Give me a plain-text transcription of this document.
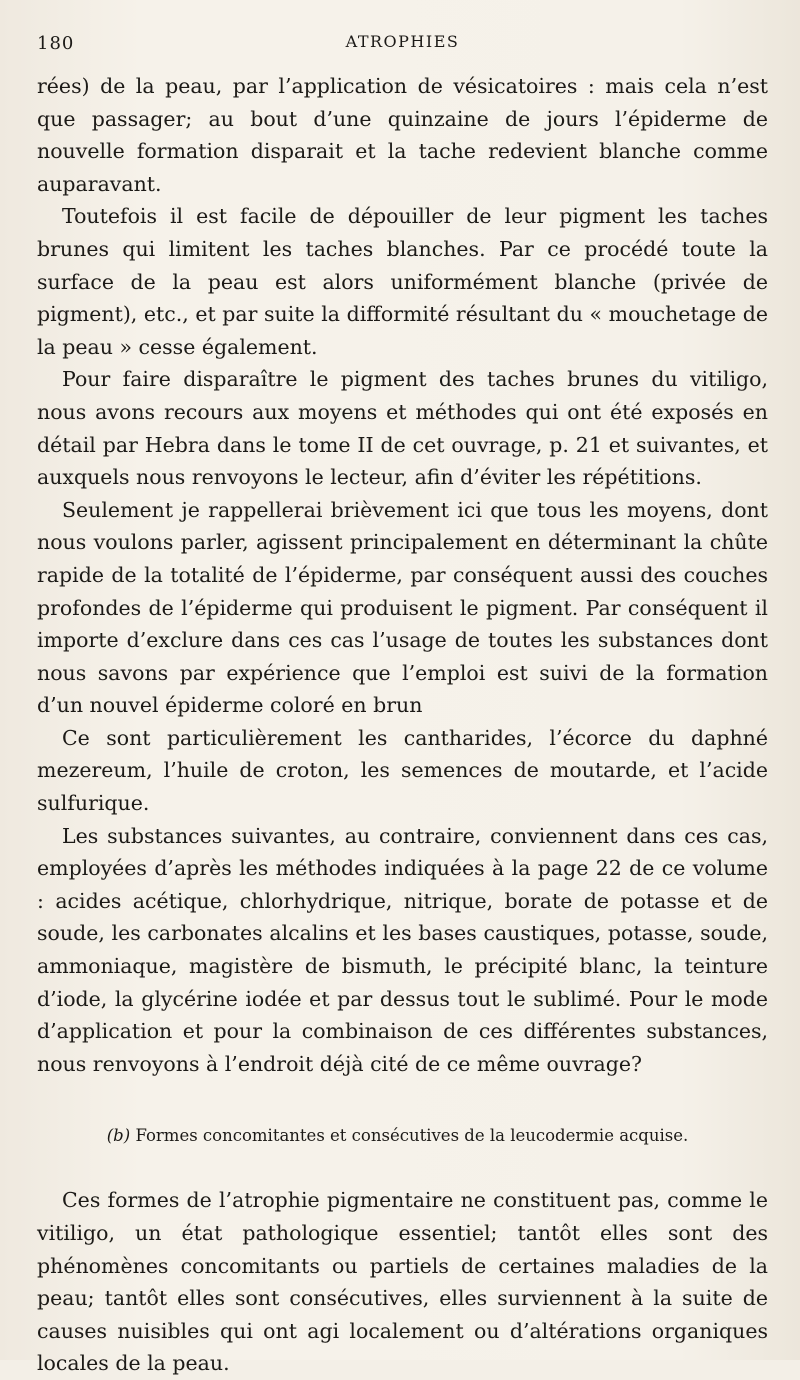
180	ATROPHIES

rées) de la peau, par l’application de vésicatoires : mais cela n’est que passager; au bout d’une quinzaine de jours l’épiderme de nouvelle formation disparait et la tache redevient blanche comme auparavant.

Toutefois il est facile de dépouiller de leur pigment les taches brunes qui limitent les taches blanches. Par ce procédé toute la surface de la peau est alors uniformément blanche (privée de pigment), etc., et par suite la difformité résultant du « mouchetage de la peau » cesse également.

Pour faire disparaître le pigment des taches brunes du vitiligo, nous avons recours aux moyens et méthodes qui ont été exposés en détail par Hebra dans le tome II de cet ouvrage, p. 21 et suivantes, et auxquels nous renvoyons le lecteur, afin d’éviter les répétitions.

Seulement je rappellerai brièvement ici que tous les moyens, dont nous voulons parler, agissent principalement en déterminant la chûte rapide de la totalité de l’épiderme, par conséquent aussi des couches profondes de l’épiderme qui produisent le pigment. Par conséquent il importe d’exclure dans ces cas l’usage de toutes les substances dont nous savons par expérience que l’emploi est suivi de la formation d’un nouvel épiderme coloré en brun

Ce sont particulièrement les cantharides, l’écorce du daphné mezereum, l’huile de croton, les semences de moutarde, et l’acide sulfurique.

Les substances suivantes, au contraire, conviennent dans ces cas, employées d’après les méthodes indiquées à la page 22 de ce volume : acides acétique, chlorhydrique, nitrique, borate de potasse et de soude, les carbonates alcalins et les bases caustiques, potasse, soude, ammoniaque, magistère de bismuth, le précipité blanc, la teinture d’iode, la glycérine iodée et par dessus tout le sublimé. Pour le mode d’application et pour la combinaison de ces différentes substances, nous renvoyons à l’endroit déjà cité de ce même ouvrage?

(b) Formes concomitantes et consécutives de la leucodermie acquise.

Ces formes de l’atrophie pigmentaire ne constituent pas, comme le vitiligo, un état pathologique essentiel; tantôt elles sont des phénomènes concomitants ou partiels de certaines maladies de la peau; tantôt elles sont consécutives, elles surviennent à la suite de causes nuisibles qui ont agi localement ou d’altérations organiques locales de la peau.
